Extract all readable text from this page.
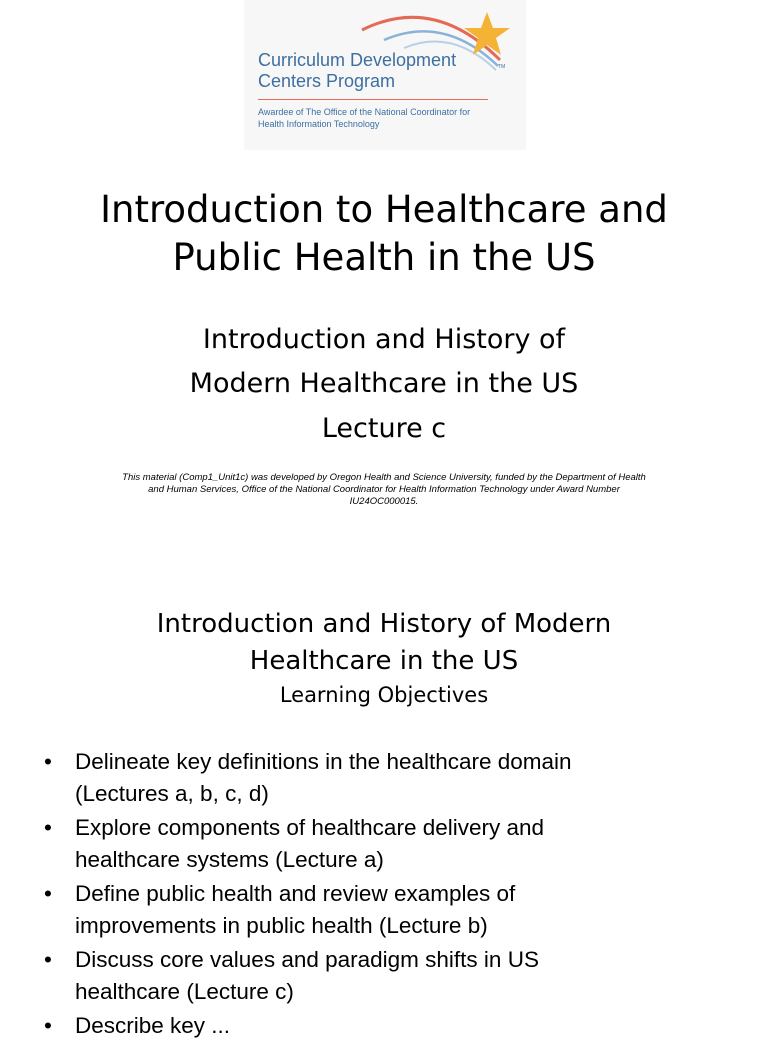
Curriculum Development
Centers Program
TM
Awardee of The Office of the National Coordinator for
Health Information Technology
Introduction to Healthcare and
Public Health in the US
Introduction and History of
Modern Healthcare in the US
Lecture c
This material (Comp1_Unit1c) was developed by Oregon Health and Science University, funded by the Department of Health
and Human Services, Office of the National Coordinator for Health Information Technology under Award Number
IU24OC000015.
Introduction and History of Modern
Healthcare in the US
Learning Objectives
• Delineate key definitions in the healthcare domain
(Lectures a, b, c, d)
• Explore components of healthcare delivery and
healthcare systems (Lecture a)
• Define public health and review examples of
improvements in public health (Lecture b)
• Discuss core values and paradigm shifts in US
healthcare (Lecture c)
• Describe key ...
